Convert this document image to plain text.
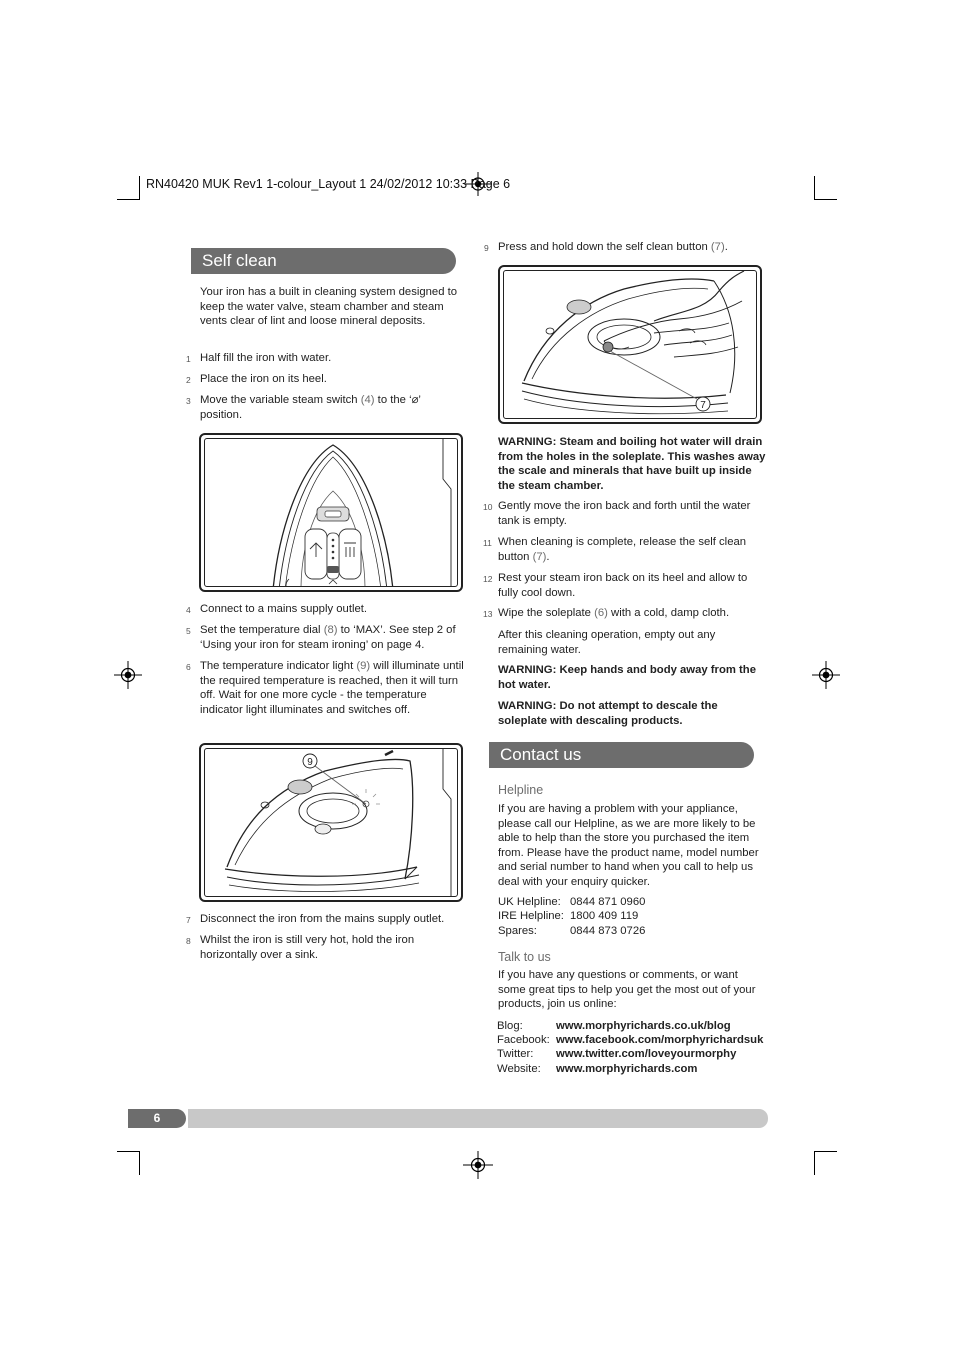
RN40420 MUK Rev1 1-colour_Layout 1 24/02/2012 10:33 Page 6
Self clean
Your iron has a built in cleaning system designed to keep the water valve, steam chamber and steam vents clear of lint and loose mineral deposits.
1 Half fill the iron with water.
2 Place the iron on its heel.
3 Move the variable steam switch (4) to the ‘⌀’ position.
4 Connect to a mains supply outlet.
5 Set the temperature dial (8) to ‘MAX’. See step 2 of ‘Using your iron for steam ironing’ on page 4.
6 The temperature indicator light (9) will illuminate until the required temperature is reached, then it will turn off. Wait for one more cycle - the temperature indicator light illuminates and switches off.
9
7 Disconnect the iron from the mains supply outlet.
8 Whilst the iron is still very hot, hold the iron horizontally over a sink.
9 Press and hold down the self clean button (7).
7
WARNING: Steam and boiling hot water will drain from the holes in the soleplate. This washes away the scale and minerals that have built up inside the steam chamber.
10 Gently move the iron back and forth until the water tank is empty.
11 When cleaning is complete, release the self clean button (7).
12 Rest your steam iron back on its heel and allow to fully cool down.
13 Wipe the soleplate (6) with a cold, damp cloth.
After this cleaning operation, empty out any remaining water.
WARNING: Keep hands and body away from the hot water.
WARNING: Do not attempt to descale the soleplate with descaling products.
Contact us
Helpline
If you are having a problem with your appliance, please call our Helpline, as we are more likely to be able to help than the store you purchased the item from. Please have the product name, model number and serial number to hand when you call to help us deal with your enquiry quicker.
UK Helpline: 0844 871 0960
IRE Helpline: 1800 409 119
Spares:	0844 873 0726
Talk to us
If you have any questions or comments, or want some great tips to help you get the most out of your products, join us online:
Blog:	www.morphyrichards.co.uk/blog
Facebook: www.facebook.com/morphyrichardsuk
Twitter: www.twitter.com/loveyourmorphy
Website: www.morphyrichards.com
6
